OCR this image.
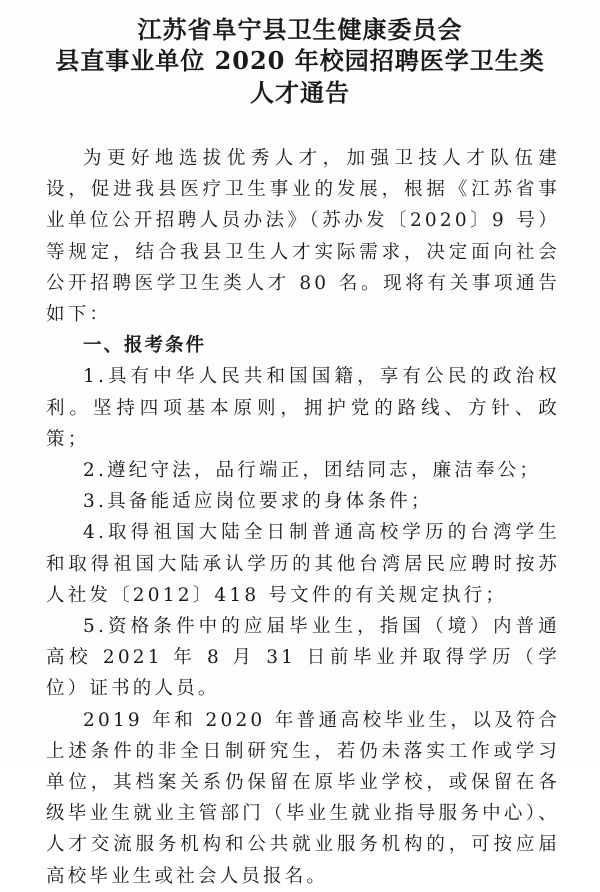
江苏省阜宁县卫生健康委员会
县直事业单位 2020 年校园招聘医学卫生类
人才通告

为更好地选拔优秀人才，加强卫技人才队伍建设，促进我县医疗卫生事业的发展，根据《江苏省事业单位公开招聘人员办法》（苏办发〔2020〕9 号）等规定，结合我县卫生人才实际需求，决定面向社会公开招聘医学卫生类人才 80 名。现将有关事项通告如下：

一、报考条件

1.具有中华人民共和国国籍，享有公民的政治权利。坚持四项基本原则，拥护党的路线、方针、政策；

2.遵纪守法，品行端正，团结同志，廉洁奉公；

3.具备能适应岗位要求的身体条件；

4.取得祖国大陆全日制普通高校学历的台湾学生和取得祖国大陆承认学历的其他台湾居民应聘时按苏人社发〔2012〕418 号文件的有关规定执行；

5.资格条件中的应届毕业生，指国（境）内普通高校 2021 年 8 月 31 日前毕业并取得学历（学位）证书的人员。

2019 年和 2020 年普通高校毕业生，以及符合上述条件的非全日制研究生，若仍未落实工作或学习单位，其档案关系仍保留在原毕业学校，或保留在各级毕业生就业主管部门（毕业生就业指导服务中心）、人才交流服务机构和公共就业服务机构的，可按应届高校毕业生或社会人员报名。
